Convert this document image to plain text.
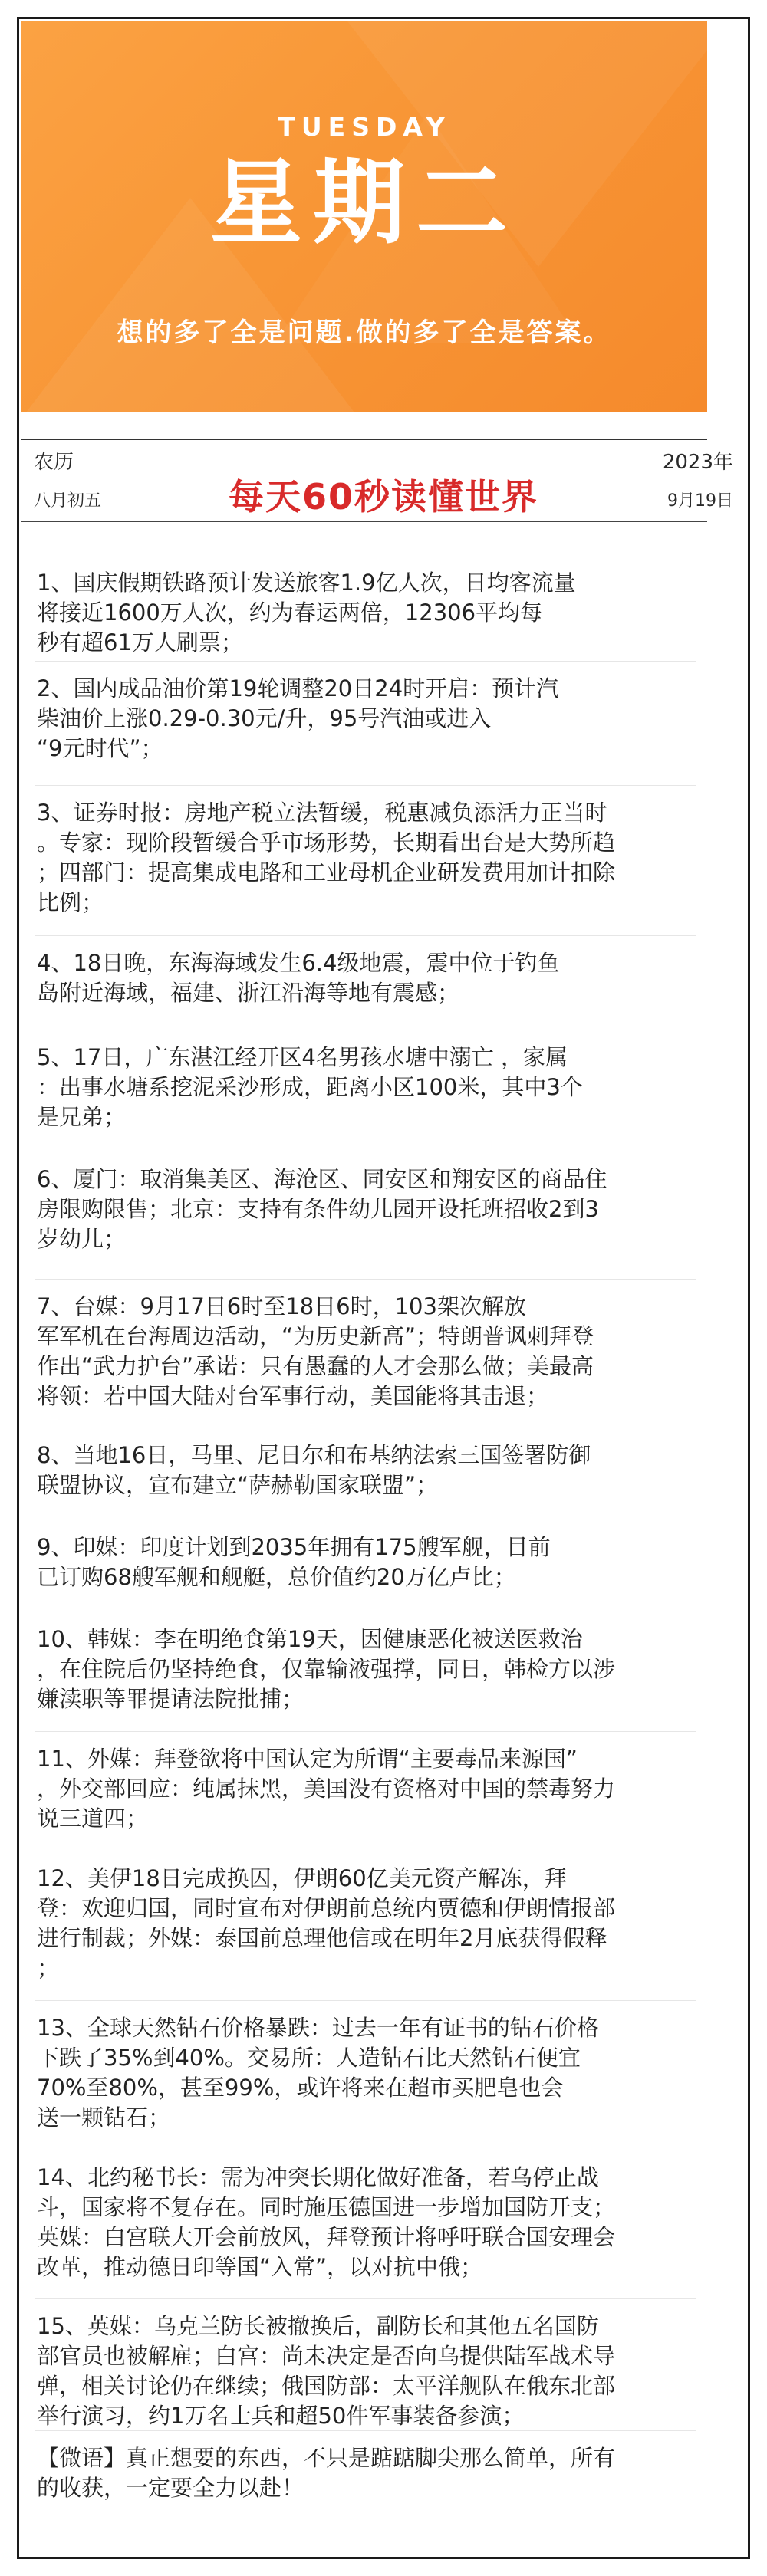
TUESDAY
星期二
想的多了全是问题.做的多了全是答案。
农历
八月初五
2023年
9月19日
每天60秒读懂世界
1、国庆假期铁路预计发送旅客1.9亿人次，日均客流量
将接近1600万人次，约为春运两倍，12306平均每
秒有超61万人刷票；
2、国内成品油价第19轮调整20日24时开启：预计汽
柴油价上涨0.29-0.30元/升，95号汽油或进入
“9元时代”；
3、证券时报：房地产税立法暂缓，税惠减负添活力正当时
。专家：现阶段暂缓合乎市场形势，长期看出台是大势所趋
；四部门：提高集成电路和工业母机企业研发费用加计扣除
比例；
4、18日晚，东海海域发生6.4级地震，震中位于钓鱼
岛附近海域，福建、浙江沿海等地有震感；
5、17日，广东湛江经开区4名男孩水塘中溺亡 ，家属
：出事水塘系挖泥采沙形成，距离小区100米，其中3个
是兄弟；
6、厦门：取消集美区、海沧区、同安区和翔安区的商品住
房限购限售；北京：支持有条件幼儿园开设托班招收2到3
岁幼儿；
7、台媒：9月17日6时至18日6时，103架次解放
军军机在台海周边活动，“为历史新高”；特朗普讽刺拜登
作出“武力护台”承诺：只有愚蠢的人才会那么做；美最高
将领：若中国大陆对台军事行动，美国能将其击退；
8、当地16日，马里、尼日尔和布基纳法索三国签署防御
联盟协议，宣布建立“萨赫勒国家联盟”；
9、印媒：印度计划到2035年拥有175艘军舰，目前
已订购68艘军舰和舰艇，总价值约20万亿卢比；
10、韩媒：李在明绝食第19天，因健康恶化被送医救治
，在住院后仍坚持绝食，仅靠输液强撑，同日，韩检方以涉
嫌渎职等罪提请法院批捕；
11、外媒：拜登欲将中国认定为所谓“主要毒品来源国”
，外交部回应：纯属抹黑，美国没有资格对中国的禁毒努力
说三道四；
12、美伊18日完成换囚，伊朗60亿美元资产解冻，拜
登：欢迎归国，同时宣布对伊朗前总统内贾德和伊朗情报部
进行制裁；外媒：泰国前总理他信或在明年2月底获得假释
；
13、全球天然钻石价格暴跌：过去一年有证书的钻石价格
下跌了35%到40%。交易所：人造钻石比天然钻石便宜
70%至80%，甚至99%，或许将来在超市买肥皂也会
送一颗钻石；
14、北约秘书长：需为冲突长期化做好准备，若乌停止战
斗，国家将不复存在。同时施压德国进一步增加国防开支；
英媒：白宫联大开会前放风，拜登预计将呼吁联合国安理会
改革，推动德日印等国“入常”，以对抗中俄；
15、英媒：乌克兰防长被撤换后，副防长和其他五名国防
部官员也被解雇；白宫：尚未决定是否向乌提供陆军战术导
弹，相关讨论仍在继续；俄国防部：太平洋舰队在俄东北部
举行演习，约1万名士兵和超50件军事装备参演；
【微语】真正想要的东西，不只是踮踮脚尖那么简单，所有
的收获，一定要全力以赴！
